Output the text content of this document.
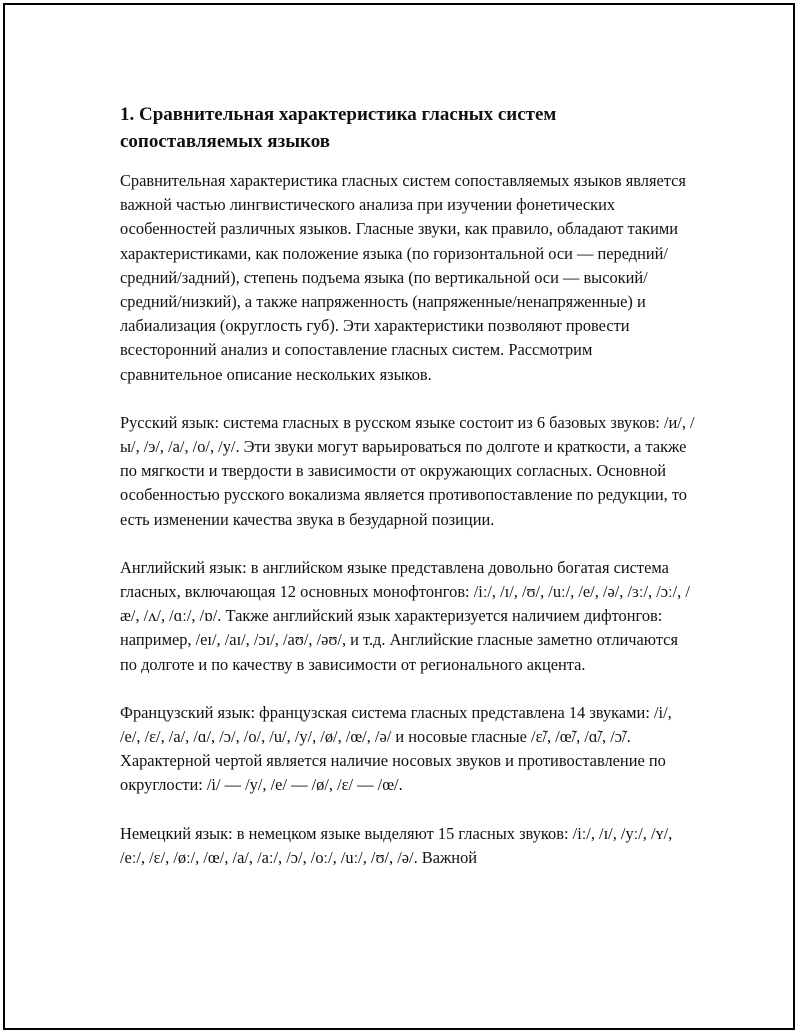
1. Сравнительная характеристика гласных систем сопоставляемых языков

Сравнительная характеристика гласных систем сопоставляемых языков является важной частью лингвистического анализа при изучении фонетических особенностей различных языков. Гласные звуки, как правило, обладают такими характеристиками, как положение языка (по горизонтальной оси — передний/средний/задний), степень подъема языка (по вертикальной оси — высокий/средний/низкий), а также напряженность (напряженные/ненапряженные) и лабиализация (округлость губ). Эти характеристики позволяют провести всесторонний анализ и сопоставление гласных систем. Рассмотрим сравнительное описание нескольких языков.

Русский язык: система гласных в русском языке состоит из 6 базовых звуков: /и/, /ы/, /э/, /а/, /о/, /у/. Эти звуки могут варьироваться по долготе и краткости, а также по мягкости и твердости в зависимости от окружающих согласных. Основной особенностью русского вокализма является противопоставление по редукции, то есть изменении качества звука в безударной позиции.

Английский язык: в английском языке представлена довольно богатая система гласных, включающая 12 основных монофтонгов: /iː/, /ɪ/, /ʊ/, /uː/, /e/, /ə/, /ɜː/, /ɔː/, /æ/, /ʌ/, /ɑː/, /ɒ/. Также английский язык характеризуется наличием дифтонгов: например, /eɪ/, /aɪ/, /ɔɪ/, /aʊ/, /əʊ/, и т.д. Английские гласные заметно отличаются по долготе и по качеству в зависимости от регионального акцента.

Французский язык: французская система гласных представлена 14 звуками: /i/, /e/, /ɛ/, /a/, /ɑ/, /ɔ/, /o/, /u/, /y/, /ø/, /œ/, /ə/ и носовые гласные /ɛ̃/, /œ̃/, /ɑ̃/, /ɔ̃/. Характерной чертой является наличие носовых звуков и противоставление по округлости: /i/ — /y/, /e/ — /ø/, /ɛ/ — /œ/.

Немецкий язык: в немецком языке выделяют 15 гласных звуков: /iː/, /ɪ/, /yː/, /ʏ/, /eː/, /ɛ/, /øː/, /œ/, /a/, /aː/, /ɔ/, /oː/, /uː/, /ʊ/, /ə/. Важной
